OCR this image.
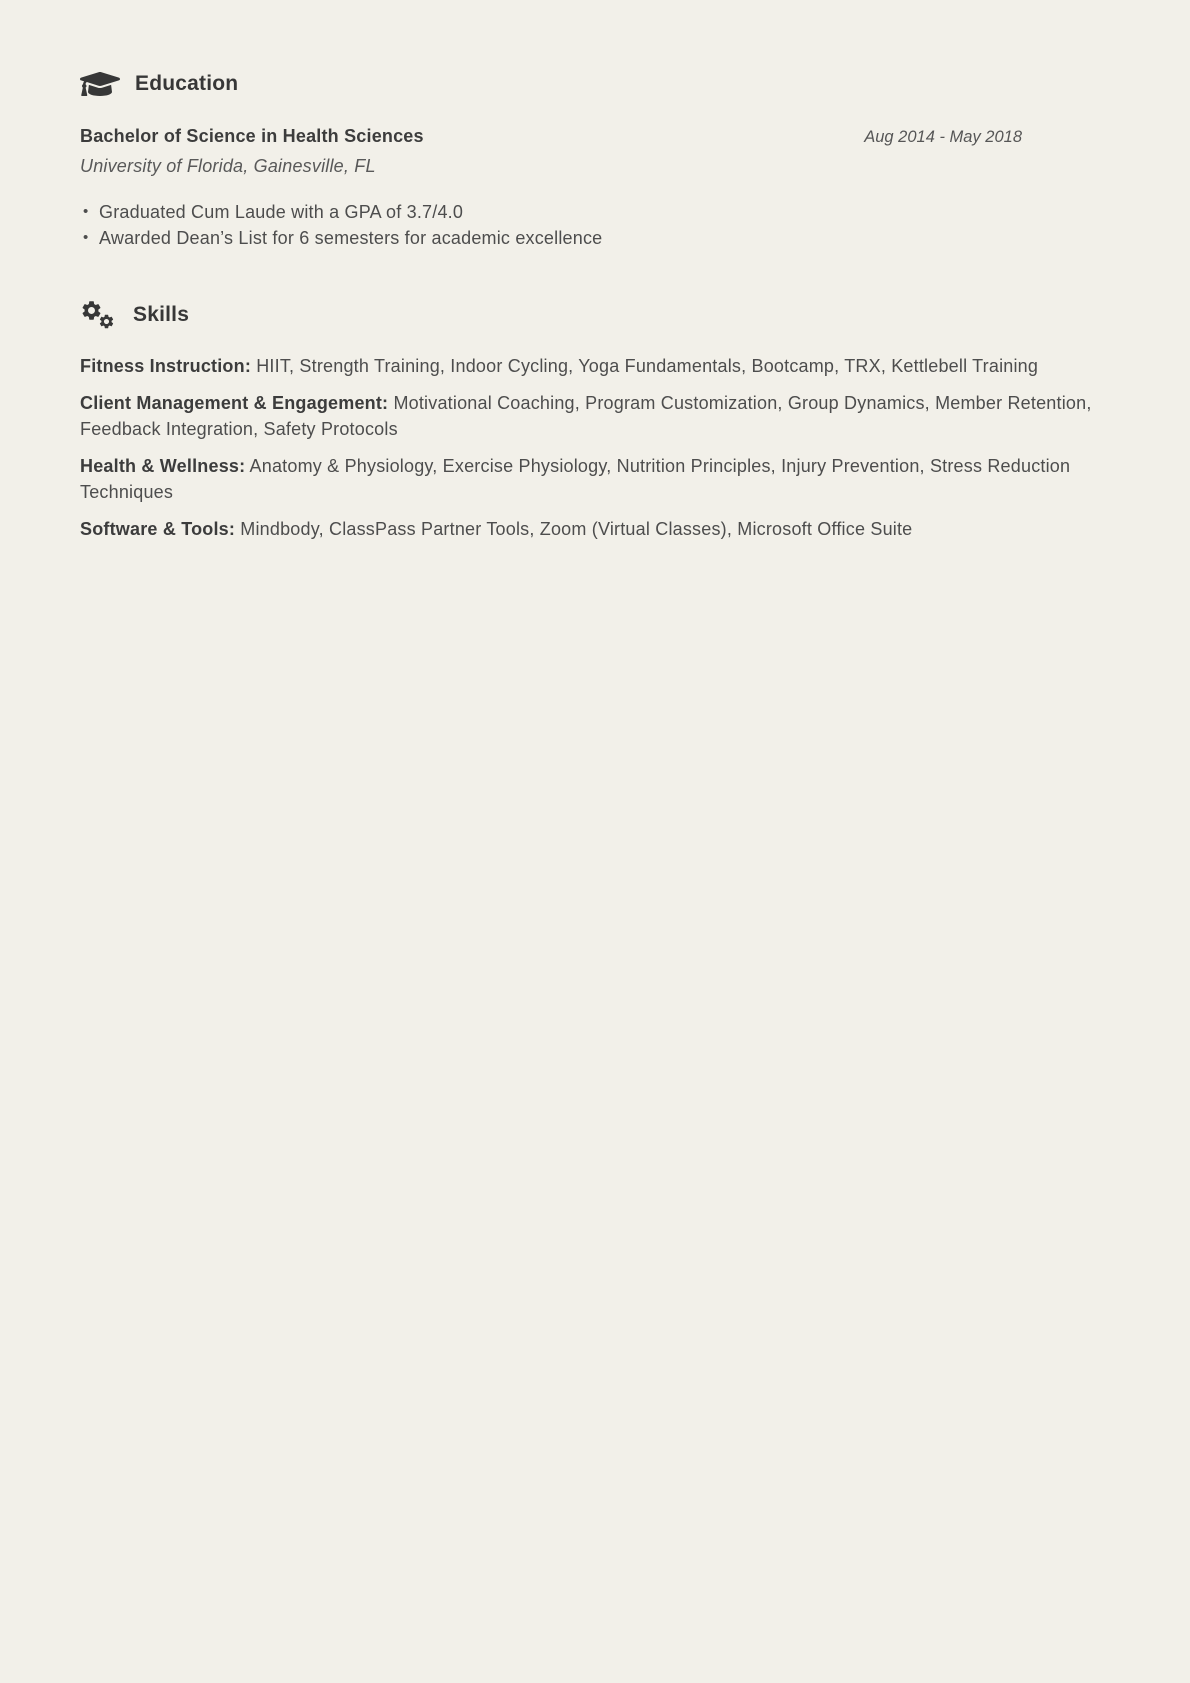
Education
Bachelor of Science in Health Sciences	Aug 2014 - May 2018
University of Florida, Gainesville, FL
• Graduated Cum Laude with a GPA of 3.7/4.0
• Awarded Dean’s List for 6 semesters for academic excellence
Skills

Fitness Instruction: HIIT, Strength Training, Indoor Cycling, Yoga Fundamentals, Bootcamp, TRX, Kettlebell Training

Client Management & Engagement: Motivational Coaching, Program Customization, Group Dynamics, Member Retention, Feedback Integration, Safety Protocols

Health & Wellness: Anatomy & Physiology, Exercise Physiology, Nutrition Principles, Injury Prevention, Stress Reduction Techniques

Software & Tools: Mindbody, ClassPass Partner Tools, Zoom (Virtual Classes), Microsoft Office Suite
